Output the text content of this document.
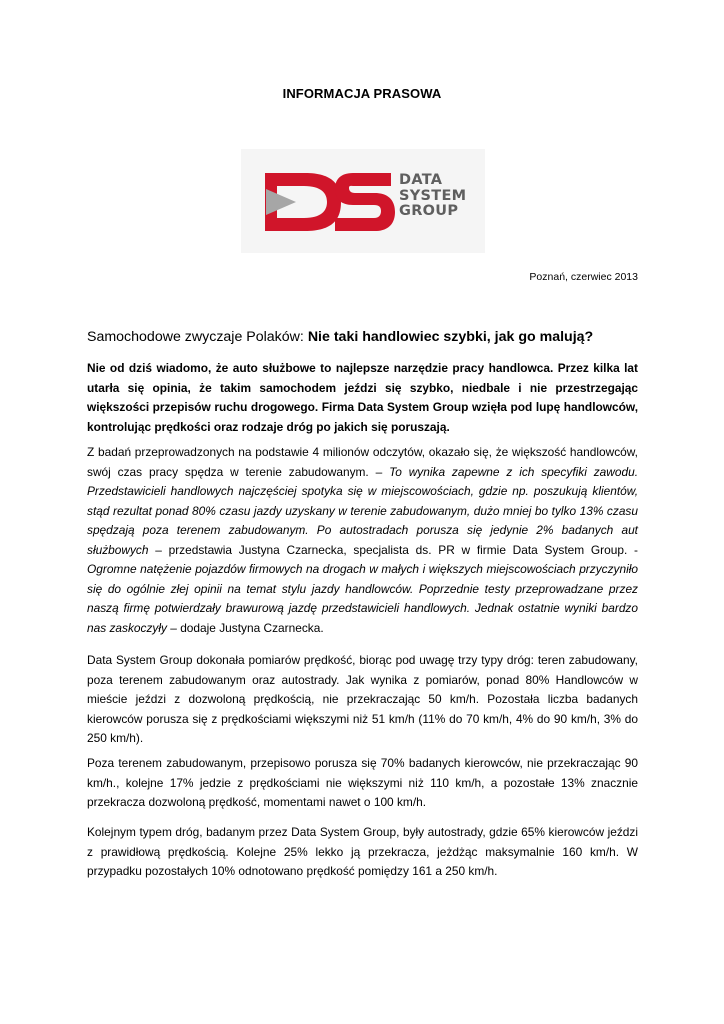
INFORMACJA PRASOWA
DATA
SYSTEM
GROUP
Poznań, czerwiec 2013
Samochodowe zwyczaje Polaków: Nie taki handlowiec szybki, jak go malują?

Nie od dziś wiadomo, że auto służbowe to najlepsze narzędzie pracy handlowca. Przez kilka lat utarła się opinia, że takim samochodem jeździ się szybko, niedbale i nie przestrzegając większości przepisów ruchu drogowego. Firma Data System Group wzięła pod lupę handlowców, kontrolując prędkości oraz rodzaje dróg po jakich się poruszają.

Z badań przeprowadzonych na podstawie 4 milionów odczytów, okazało się, że większość handlowców, swój czas pracy spędza w terenie zabudowanym. – To wynika zapewne z ich specyfiki zawodu. Przedstawicieli handlowych najczęściej spotyka się w miejscowościach, gdzie np. poszukują klientów, stąd rezultat ponad 80% czasu jazdy uzyskany w terenie zabudowanym, dużo mniej bo tylko 13% czasu spędzają poza terenem zabudowanym. Po autostradach porusza się jedynie 2% badanych aut służbowych – przedstawia Justyna Czarnecka, specjalista ds. PR w firmie Data System Group. - Ogromne natężenie pojazdów firmowych na drogach w małych i większych miejscowościach przyczyniło się do ogólnie złej opinii na temat stylu jazdy handlowców. Poprzednie testy przeprowadzane przez naszą firmę potwierdzały brawurową jazdę przedstawicieli handlowych. Jednak ostatnie wyniki bardzo nas zaskoczyły – dodaje Justyna Czarnecka.

Data System Group dokonała pomiarów prędkość, biorąc pod uwagę trzy typy dróg: teren zabudowany, poza terenem zabudowanym oraz autostrady. Jak wynika z pomiarów, ponad 80% Handlowców w mieście jeździ z dozwoloną prędkością, nie przekraczając 50 km/h. Pozostała liczba badanych kierowców porusza się z prędkościami większymi niż 51 km/h (11% do 70 km/h, 4% do 90 km/h, 3% do 250 km/h).

Poza terenem zabudowanym, przepisowo porusza się 70% badanych kierowców, nie przekraczając 90 km/h., kolejne 17% jedzie z prędkościami nie większymi niż 110 km/h, a pozostałe 13% znacznie przekracza dozwoloną prędkość, momentami nawet o 100 km/h.

Kolejnym typem dróg, badanym przez Data System Group, były autostrady, gdzie 65% kierowców jeździ z prawidłową prędkością. Kolejne 25% lekko ją przekracza, jeżdżąc maksymalnie 160 km/h. W przypadku pozostałych 10% odnotowano prędkość pomiędzy 161 a 250 km/h.
